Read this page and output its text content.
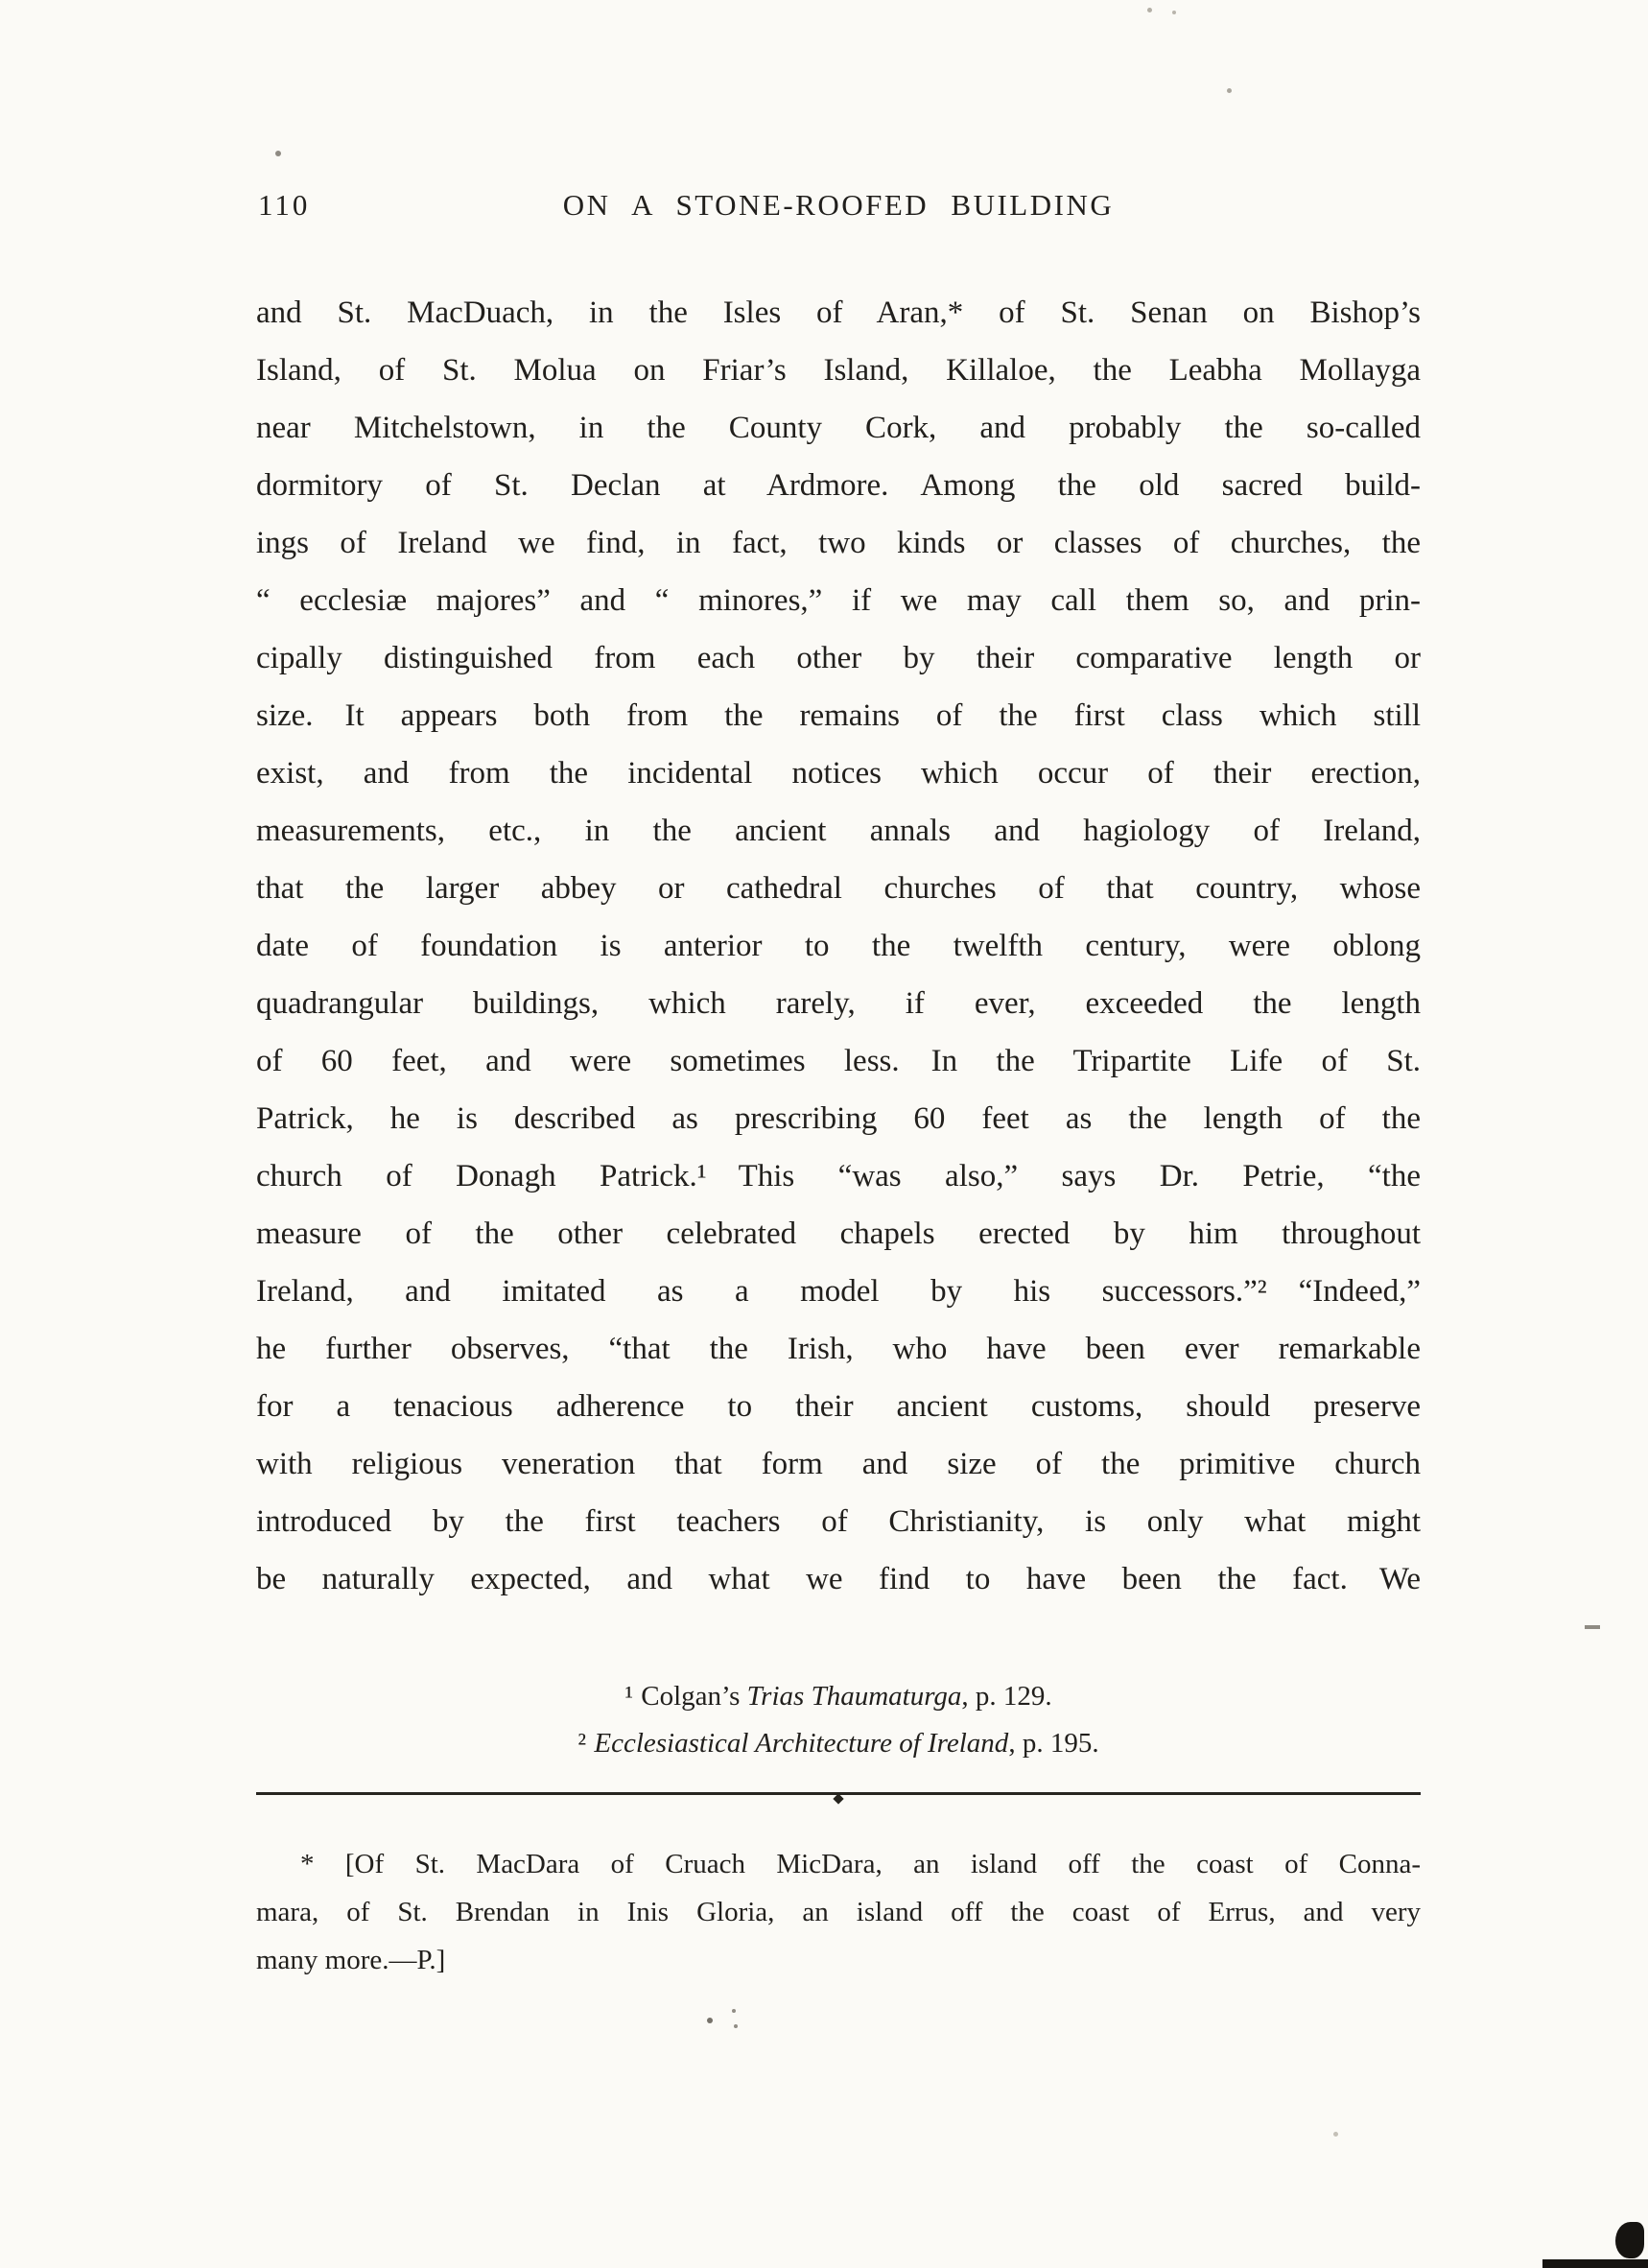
110	ON A STONE-ROOFED BUILDING
and St. MacDuach, in the Isles of Aran,* of St. Senan on Bishop’s
Island, of St. Molua on Friar’s Island, Killaloe, the Leabha Mollayga
near Mitchelstown, in the County Cork, and probably the so-called
dormitory of St. Declan at Ardmore. Among the old sacred build-
ings of Ireland we find, in fact, two kinds or classes of churches, the
“ ecclesiæ majores” and “ minores,” if we may call them so, and prin-
cipally distinguished from each other by their comparative length or
size. It appears both from the remains of the first class which still
exist, and from the incidental notices which occur of their erection,
measurements, etc., in the ancient annals and hagiology of Ireland,
that the larger abbey or cathedral churches of that country, whose
date of foundation is anterior to the twelfth century, were oblong
quadrangular buildings, which rarely, if ever, exceeded the length
of 60 feet, and were sometimes less. In the Tripartite Life of St.
Patrick, he is described as prescribing 60 feet as the length of the
church of Donagh Patrick.¹ This “was also,” says Dr. Petrie, “the
measure of the other celebrated chapels erected by him throughout
Ireland, and imitated as a model by his successors.”² “Indeed,”
he further observes, “that the Irish, who have been ever remarkable
for a tenacious adherence to their ancient customs, should preserve
with religious veneration that form and size of the primitive church
introduced by the first teachers of Christianity, is only what might
be naturally expected, and what we find to have been the fact. We
¹ Colgan’s Trias Thaumaturga, p. 129.
² Ecclesiastical Architecture of Ireland, p. 195.
* [Of St. MacDara of Cruach MicDara, an island off the coast of Conna-
mara, of St. Brendan in Inis Gloria, an island off the coast of Errus, and very
many more.—P.]
